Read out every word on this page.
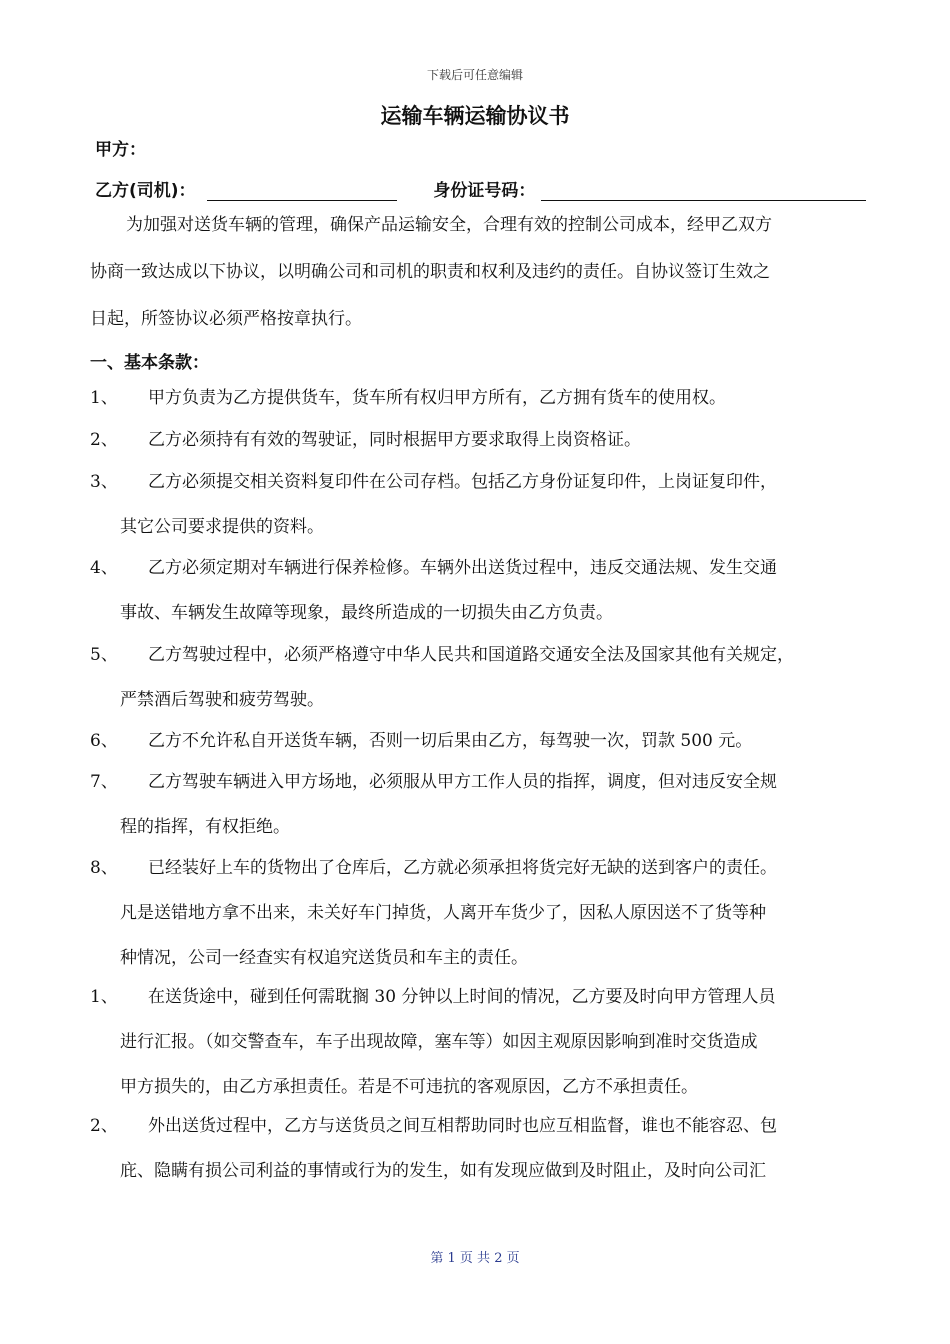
下载后可任意编辑
运输车辆运输协议书
甲方：
乙方(司机)：	身份证号码：
为加强对送货车辆的管理，确保产品运输安全，合理有效的控制公司成本，经甲乙双方
协商一致达成以下协议，以明确公司和司机的职责和权利及违约的责任。自协议签订生效之
日起，所签协议必须严格按章执行。
一、基本条款：
1、	甲方负责为乙方提供货车，货车所有权归甲方所有，乙方拥有货车的使用权。
2、	乙方必须持有有效的驾驶证，同时根据甲方要求取得上岗资格证。
3、	乙方必须提交相关资料复印件在公司存档。包括乙方身份证复印件，上岗证复印件，
其它公司要求提供的资料。
4、	乙方必须定期对车辆进行保养检修。车辆外出送货过程中，违反交通法规、发生交通
事故、车辆发生故障等现象，最终所造成的一切损失由乙方负责。
5、	乙方驾驶过程中，必须严格遵守中华人民共和国道路交通安全法及国家其他有关规定，
严禁酒后驾驶和疲劳驾驶。
6、	乙方不允许私自开送货车辆，否则一切后果由乙方，每驾驶一次，罚款 500 元。
7、	乙方驾驶车辆进入甲方场地，必须服从甲方工作人员的指挥，调度，但对违反安全规
程的指挥，有权拒绝。
8、	已经装好上车的货物出了仓库后，乙方就必须承担将货完好无缺的送到客户的责任。
凡是送错地方拿不出来，未关好车门掉货，人离开车货少了，因私人原因送不了货等种
种情况，公司一经查实有权追究送货员和车主的责任。
1、	在送货途中，碰到任何需耽搁 30 分钟以上时间的情况，乙方要及时向甲方管理人员
进行汇报。（如交警查车，车子出现故障，塞车等）如因主观原因影响到准时交货造成
甲方损失的，由乙方承担责任。若是不可违抗的客观原因，乙方不承担责任。
2、	外出送货过程中，乙方与送货员之间互相帮助同时也应互相监督，谁也不能容忍、包
庇、隐瞒有损公司利益的事情或行为的发生，如有发现应做到及时阻止，及时向公司汇
第 1 页 共 2 页
